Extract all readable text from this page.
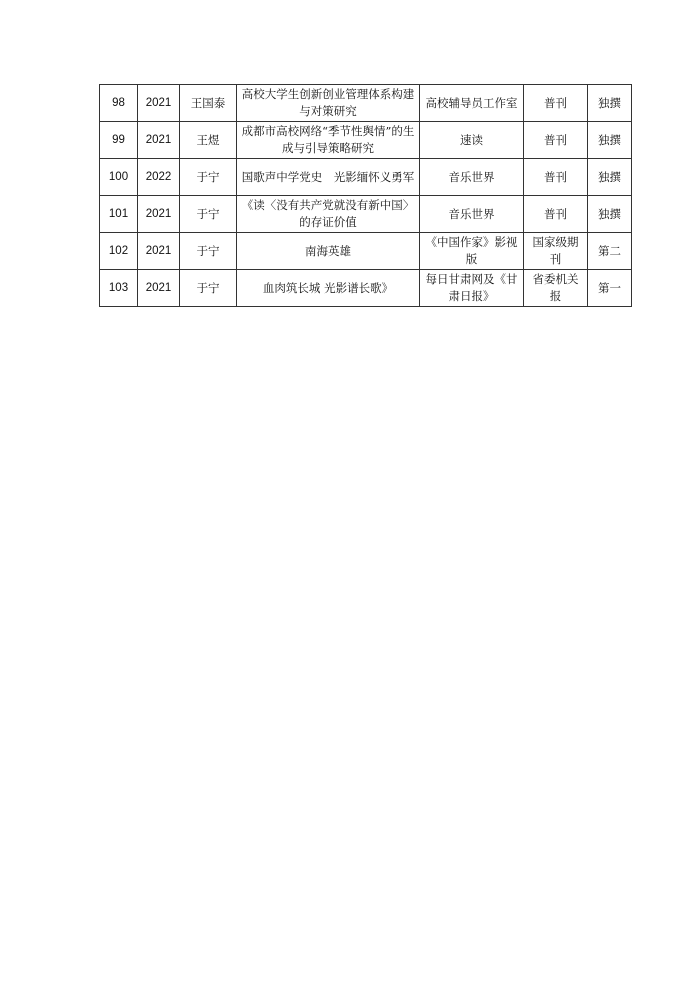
98	2021	王国泰	高校大学生创新创业管理体系构建与对策研究	高校辅导员工作室	普刊	独撰
99	2021	王煜	成都市高校网络“季节性舆情”的生成与引导策略研究	速读	普刊	独撰
100	2022	于宁	国歌声中学党史　光影缅怀义勇军	音乐世界	普刊	独撰
101	2021	于宁	《读〈没有共产党就没有新中国〉的存证价值	音乐世界	普刊	独撰
102	2021	于宁	南海英雄	《中国作家》影视版	国家级期刊	第二
103	2021	于宁	血肉筑长城 光影谱长歌》	每日甘肃网及《甘肃日报》	省委机关报	第一
